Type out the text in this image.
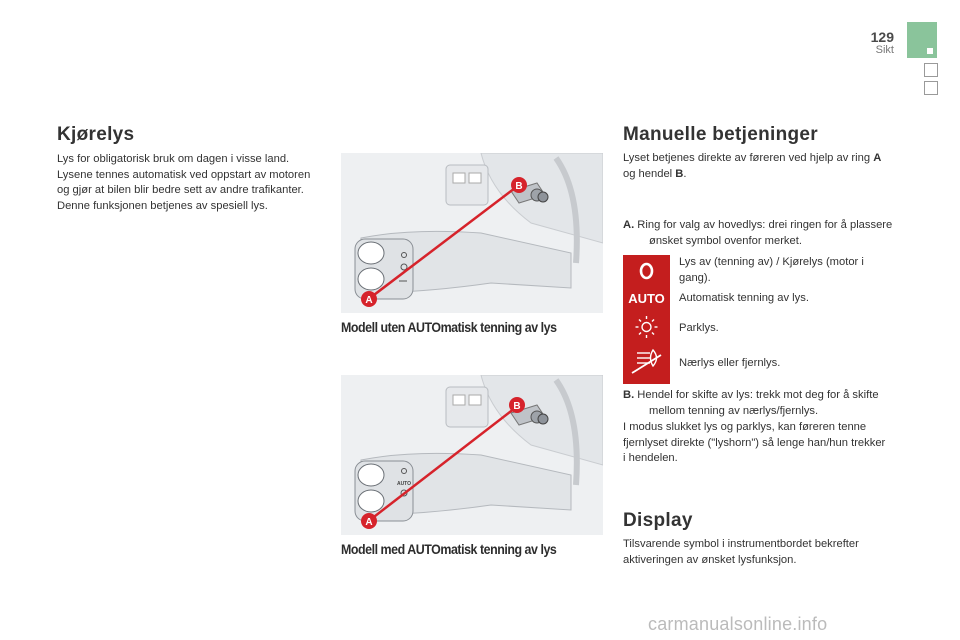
129
Sikt
Kjørelys
Lys for obligatorisk bruk om dagen i visse land. Lysene tennes automatisk ved oppstart av motoren og gjør at bilen blir bedre sett av andre trafikanter.
Denne funksjonen betjenes av spesiell lys.
B
A
Modell uten AUTOmatisk tenning av lys
AUTO
B
A
Modell med AUTOmatisk tenning av lys
Manuelle betjeninger
Lyset betjenes direkte av føreren ved hjelp av ring A og hendel B.
A. Ring for valg av hovedlys: drei ringen for å plassere ønsket symbol ovenfor merket.
AUTO
Lys av (tenning av) / Kjørelys (motor i gang).
Automatisk tenning av lys.
Parklys.
Nærlys eller fjernlys.
B. Hendel for skifte av lys: trekk mot deg for å skifte mellom tenning av nærlys/fjernlys.
I modus slukket lys og parklys, kan føreren tenne fjernlyset direkte ("lyshorn") så lenge han/hun trekker i hendelen.
Display
Tilsvarende symbol i instrumentbordet bekrefter aktiveringen av ønsket lysfunksjon.
carmanualsonline.info
